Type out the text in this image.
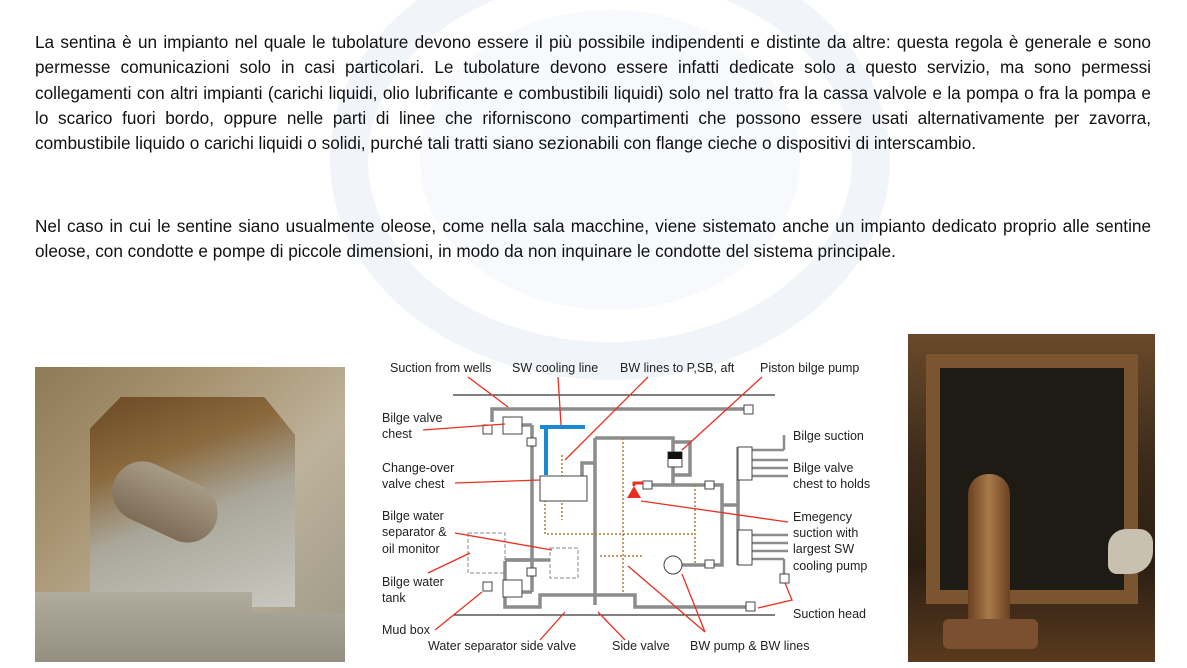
La sentina è un impianto nel quale le tubolature devono essere il più possibile indipendenti e distinte da altre: questa regola è generale e sono permesse comunicazioni solo in casi particolari. Le tubolature devono essere infatti dedicate solo a questo servizio, ma sono permessi collegamenti con altri impianti (carichi liquidi, olio lubrificante e combustibili liquidi) solo nel tratto fra la cassa valvole e la pompa o fra la pompa e lo scarico fuori bordo, oppure nelle parti di linee che riforniscono compartimenti che possono essere usati alternativamente per zavorra, combustibile liquido o carichi liquidi o solidi, purché tali tratti siano sezionabili con flange cieche o dispositivi di interscambio.
Nel caso in cui le sentine siano usualmente oleose, come nella sala macchine, viene sistemato anche un impianto dedicato proprio alle sentine oleose, con condotte e pompe di piccole dimensioni, in modo da non inquinare le condotte del sistema principale.
Suction from wells SW cooling line BW lines to P,SB, aft Piston bilge pump
Bilge valve
chest
Change-over
valve chest
Bilge water
separator &
oil monitor
Bilge water
tank
Mud box
Water separator side valve	Side valve BW pump & BW lines
Bilge suction
Bilge valve
chest to holds
Emegency
suction with
largest SW
cooling pump
Suction head
